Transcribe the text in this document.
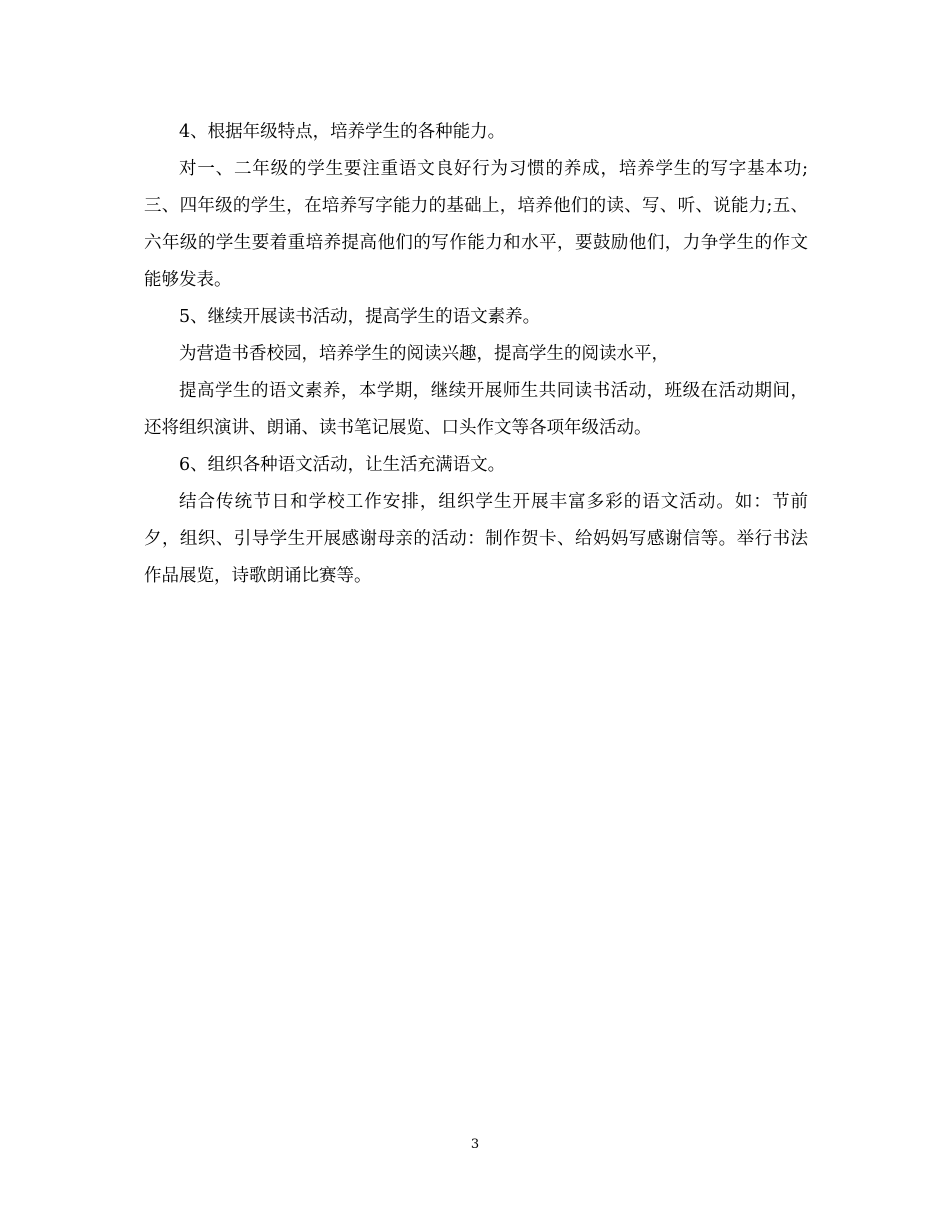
4、根据年级特点，培养学生的各种能力。

对一、二年级的学生要注重语文良好行为习惯的养成，培养学生的写字基本功;三、四年级的学生，在培养写字能力的基础上，培养他们的读、写、听、说能力;五、六年级的学生要着重培养提高他们的写作能力和水平，要鼓励他们，力争学生的作文能够发表。

5、继续开展读书活动，提高学生的语文素养。

为营造书香校园，培养学生的阅读兴趣，提高学生的阅读水平，

提高学生的语文素养，本学期，继续开展师生共同读书活动，班级在活动期间，还将组织演讲、朗诵、读书笔记展览、口头作文等各项年级活动。

6、组织各种语文活动，让生活充满语文。

结合传统节日和学校工作安排，组织学生开展丰富多彩的语文活动。如：节前夕，组织、引导学生开展感谢母亲的活动：制作贺卡、给妈妈写感谢信等。举行书法作品展览，诗歌朗诵比赛等。

3
